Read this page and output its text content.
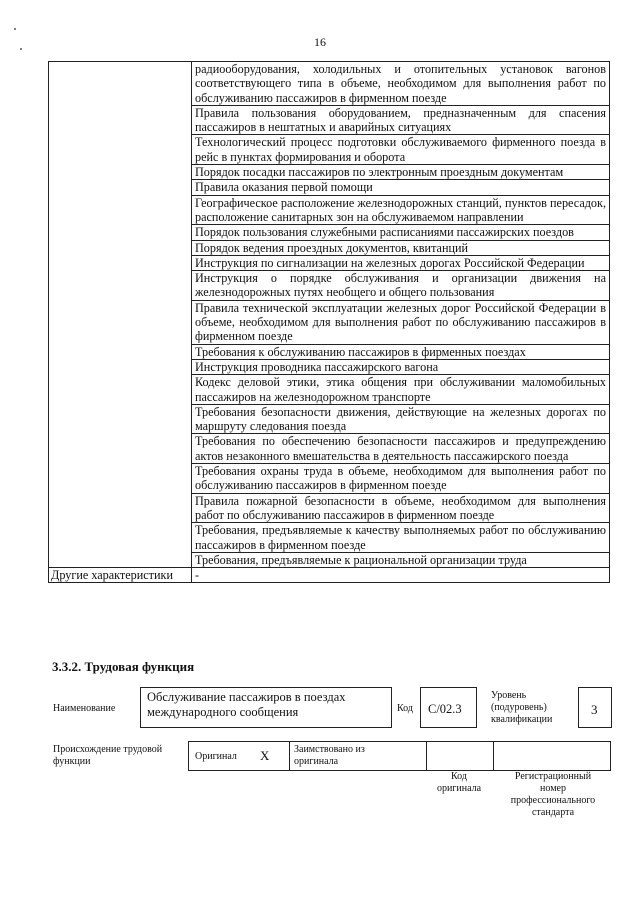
16
	радиооборудования, холодильных и отопительных установок вагонов соответствующего типа в объеме, необходимом для выполнения работ по обслуживанию пассажиров в фирменном поезде
	Правила пользования оборудованием, предназначенным для спасения пассажиров в нештатных и аварийных ситуациях
	Технологический процесс подготовки обслуживаемого фирменного поезда в рейс в пунктах формирования и оборота
	Порядок посадки пассажиров по электронным проездным документам
	Правила оказания первой помощи
	Географическое расположение железнодорожных станций, пунктов пересадок, расположение санитарных зон на обслуживаемом направлении
	Порядок пользования служебными расписаниями пассажирских поездов
	Порядок ведения проездных документов, квитанций
	Инструкция по сигнализации на железных дорогах Российской Федерации
	Инструкция о порядке обслуживания и организации движения на железнодорожных путях необщего и общего пользования
	Правила технической эксплуатации железных дорог Российской Федерации в объеме, необходимом для выполнения работ по обслуживанию пассажиров в фирменном поезде
	Требования к обслуживанию пассажиров в фирменных поездах
	Инструкция проводника пассажирского вагона
	Кодекс деловой этики, этика общения при обслуживании маломобильных пассажиров на железнодорожном транспорте
	Требования безопасности движения, действующие на железных дорогах по маршруту следования поезда
	Требования по обеспечению безопасности пассажиров и предупреждению актов незаконного вмешательства в деятельность пассажирского поезда
	Требования охраны труда в объеме, необходимом для выполнения работ по обслуживанию пассажиров в фирменном поезде
	Правила пожарной безопасности в объеме, необходимом для выполнения работ по обслуживанию пассажиров в фирменном поезде
	Требования, предъявляемые к качеству выполняемых работ по обслуживанию пассажиров в фирменном поезде
	Требования, предъявляемые к рациональной организации труда
Другие характеристики	-
3.3.2. Трудовая функция
Наименование
Обслуживание пассажиров в поездах международного сообщения	Код C/02.3
Уровень (подуровень) квалификации
3
Происхождение трудовой функции	Оригинал X Заимствовано из оригинала
Код оригинала
Регистрационный номер профессионального стандарта
